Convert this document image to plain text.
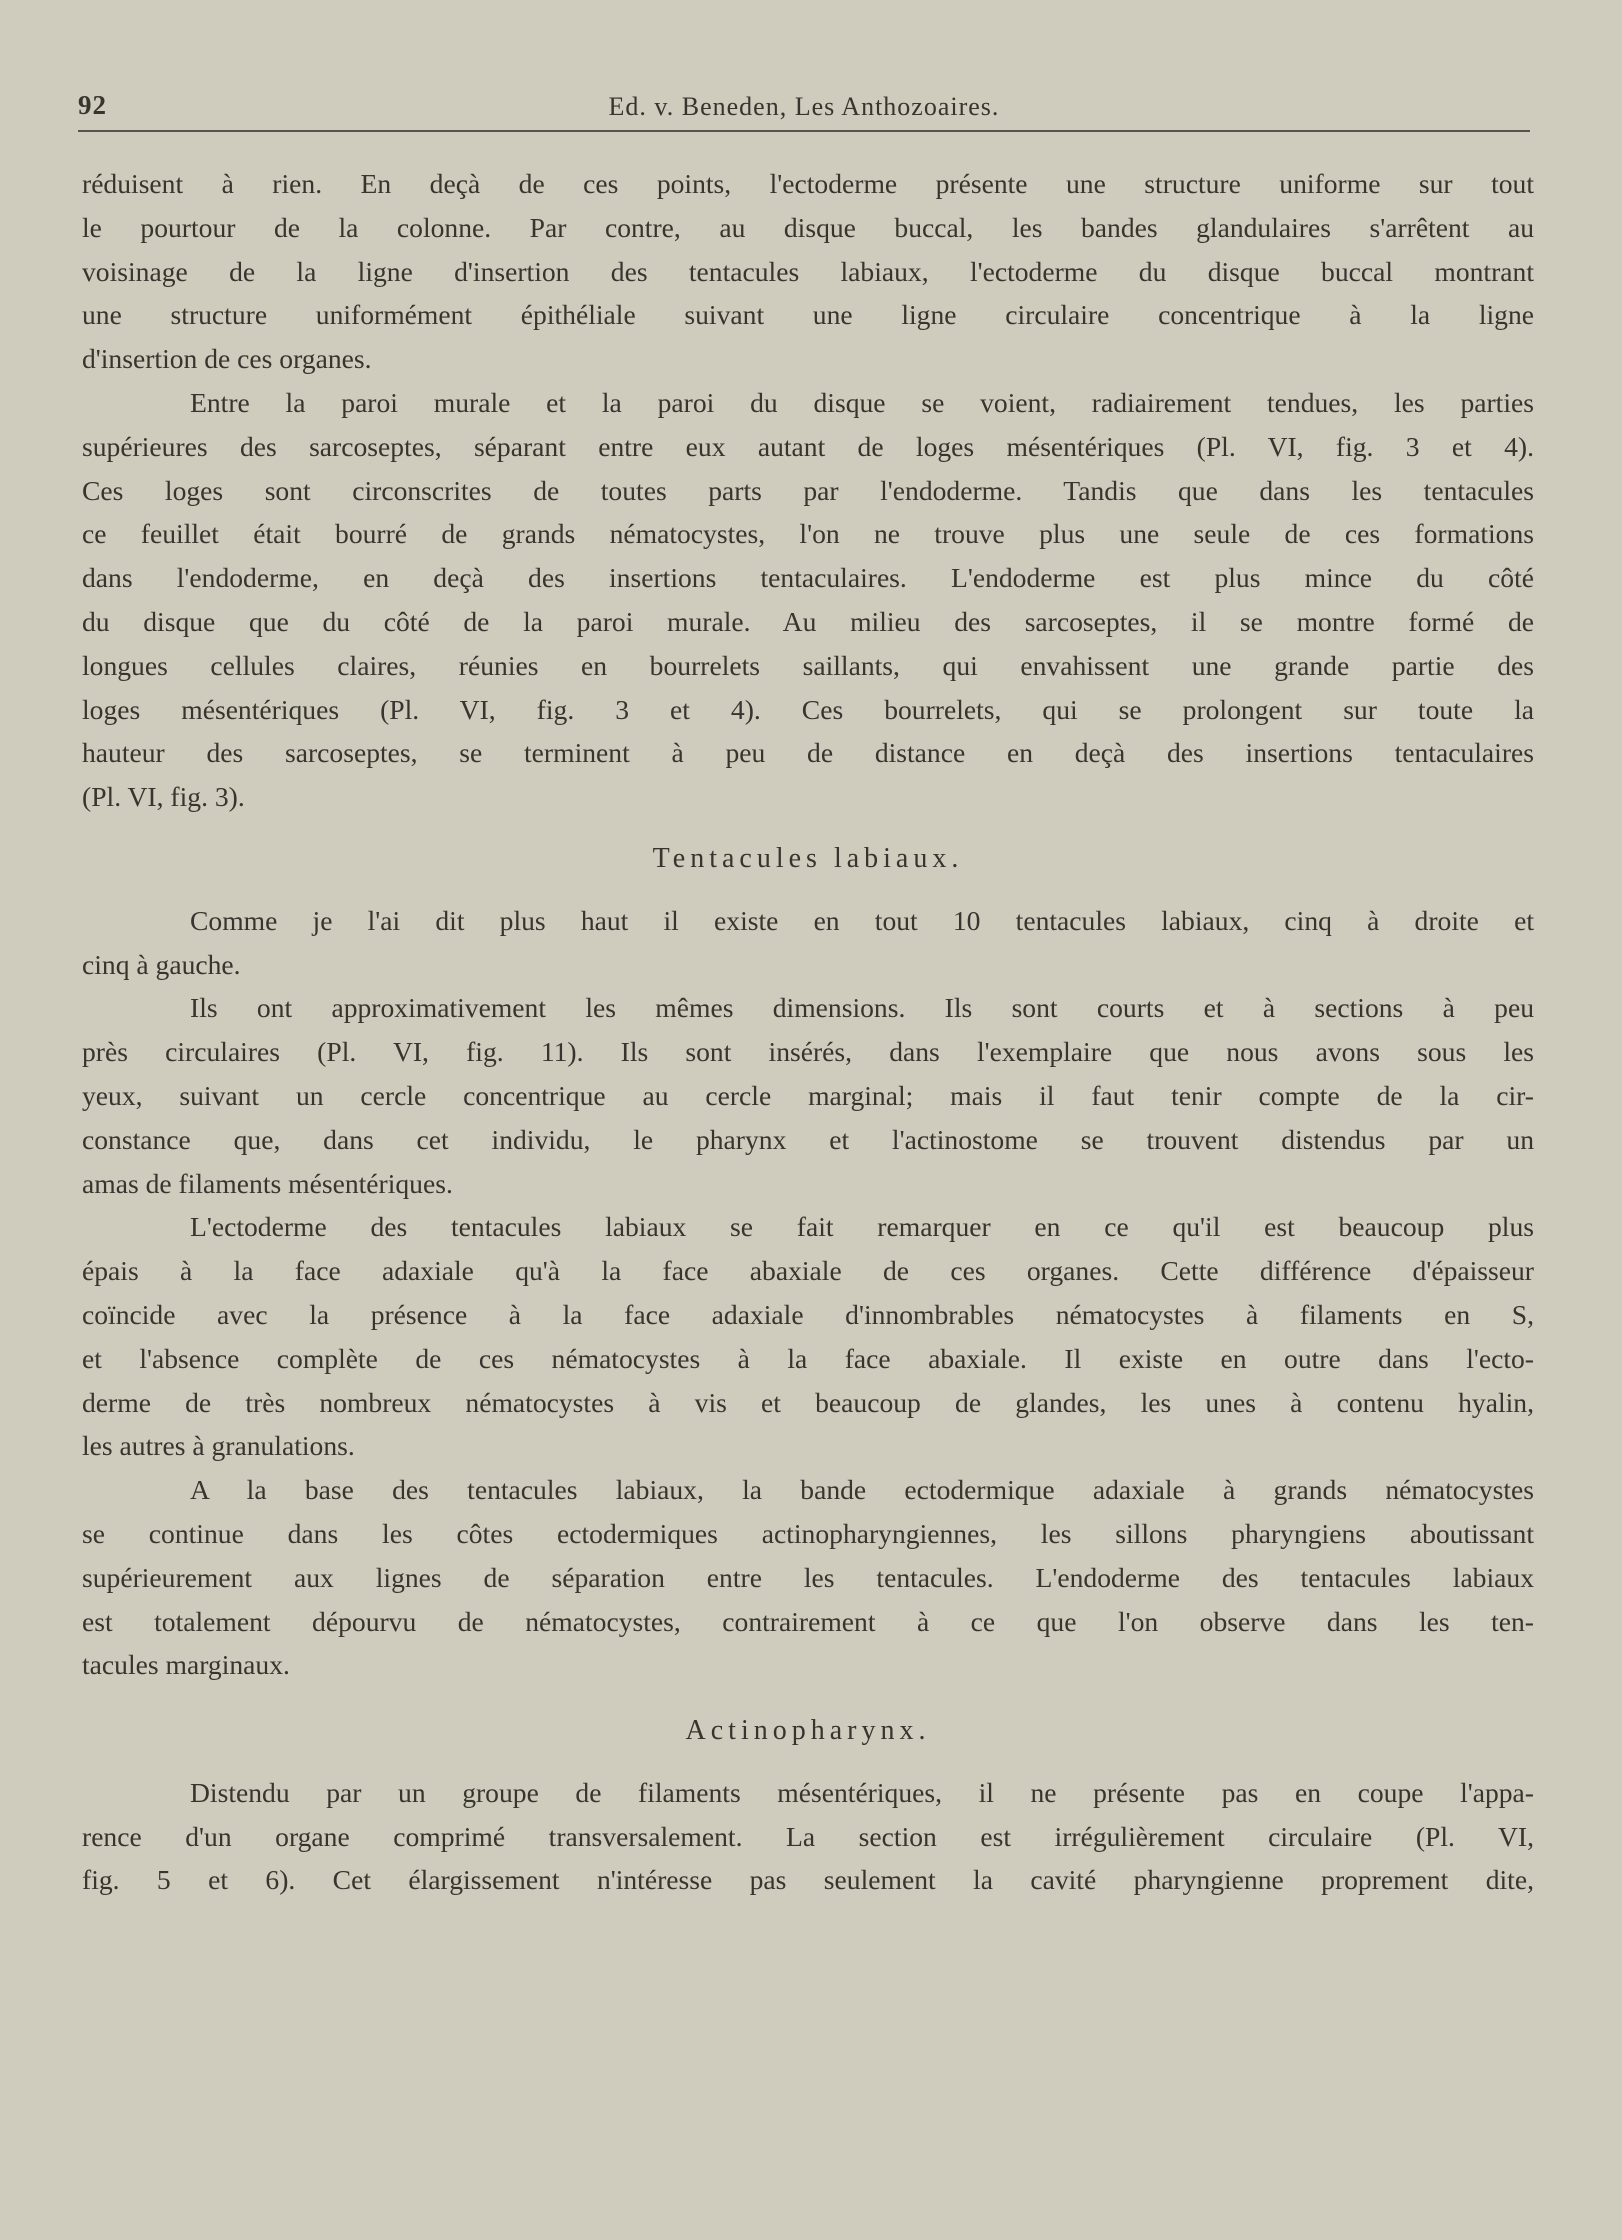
92	Ed. v. Beneden, Les Anthozoaires.

réduisent à rien. En deçà de ces points, l'ectoderme présente une structure uniforme sur tout
le pourtour de la colonne. Par contre, au disque buccal, les bandes glandulaires s'arrêtent au
voisinage de la ligne d'insertion des tentacules labiaux, l'ectoderme du disque buccal montrant
une structure uniformément épithéliale suivant une ligne circulaire concentrique à la ligne
d'insertion de ces organes.

Entre la paroi murale et la paroi du disque se voient, radiairement tendues, les parties
supérieures des sarcoseptes, séparant entre eux autant de loges mésentériques (Pl. VI, fig. 3 et 4).
Ces loges sont circonscrites de toutes parts par l'endoderme. Tandis que dans les tentacules
ce feuillet était bourré de grands nématocystes, l'on ne trouve plus une seule de ces formations
dans l'endoderme, en deçà des insertions tentaculaires. L'endoderme est plus mince du côté
du disque que du côté de la paroi murale. Au milieu des sarcoseptes, il se montre formé de
longues cellules claires, réunies en bourrelets saillants, qui envahissent une grande partie des
loges mésentériques (Pl. VI, fig. 3 et 4). Ces bourrelets, qui se prolongent sur toute la
hauteur des sarcoseptes, se terminent à peu de distance en deçà des insertions tentaculaires
(Pl. VI, fig. 3).

Tentacules labiaux.

Comme je l'ai dit plus haut il existe en tout 10 tentacules labiaux, cinq à droite et
cinq à gauche.

Ils ont approximativement les mêmes dimensions. Ils sont courts et à sections à peu
près circulaires (Pl. VI, fig. 11). Ils sont insérés, dans l'exemplaire que nous avons sous les
yeux, suivant un cercle concentrique au cercle marginal; mais il faut tenir compte de la cir-
constance que, dans cet individu, le pharynx et l'actinostome se trouvent distendus par un
amas de filaments mésentériques.

L'ectoderme des tentacules labiaux se fait remarquer en ce qu'il est beaucoup plus
épais à la face adaxiale qu'à la face abaxiale de ces organes. Cette différence d'épaisseur
coïncide avec la présence à la face adaxiale d'innombrables nématocystes à filaments en S,
et l'absence complète de ces nématocystes à la face abaxiale. Il existe en outre dans l'ecto-
derme de très nombreux nématocystes à vis et beaucoup de glandes, les unes à contenu hyalin,
les autres à granulations.

A la base des tentacules labiaux, la bande ectodermique adaxiale à grands nématocystes
se continue dans les côtes ectodermiques actinopharyngiennes, les sillons pharyngiens aboutissant
supérieurement aux lignes de séparation entre les tentacules. L'endoderme des tentacules labiaux
est totalement dépourvu de nématocystes, contrairement à ce que l'on observe dans les ten-
tacules marginaux.

Actinopharynx.

Distendu par un groupe de filaments mésentériques, il ne présente pas en coupe l'appa-
rence d'un organe comprimé transversalement. La section est irrégulièrement circulaire (Pl. VI,
fig. 5 et 6). Cet élargissement n'intéresse pas seulement la cavité pharyngienne proprement dite,
